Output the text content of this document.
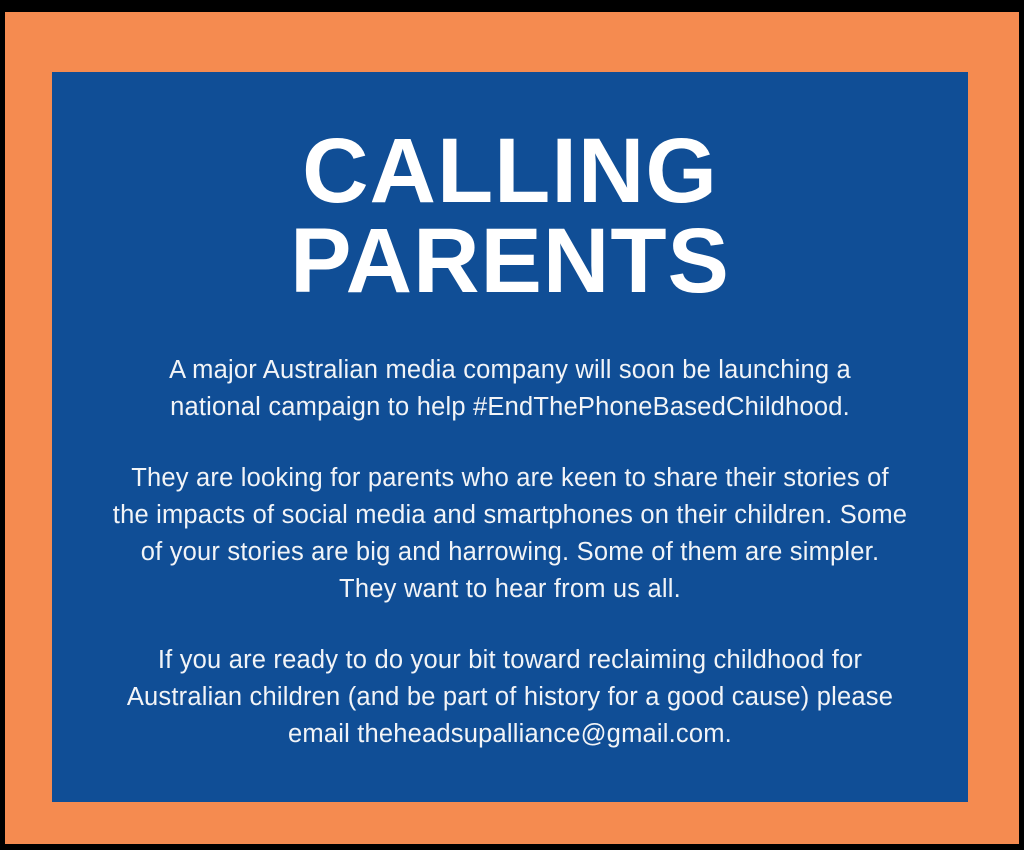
CALLING
PARENTS

A major Australian media company will soon be launching a national campaign to help #EndThePhoneBasedChildhood.

They are looking for parents who are keen to share their stories of the impacts of social media and smartphones on their children. Some of your stories are big and harrowing. Some of them are simpler. They want to hear from us all.

If you are ready to do your bit toward reclaiming childhood for Australian children (and be part of history for a good cause) please email theheadsupalliance@gmail.com.
